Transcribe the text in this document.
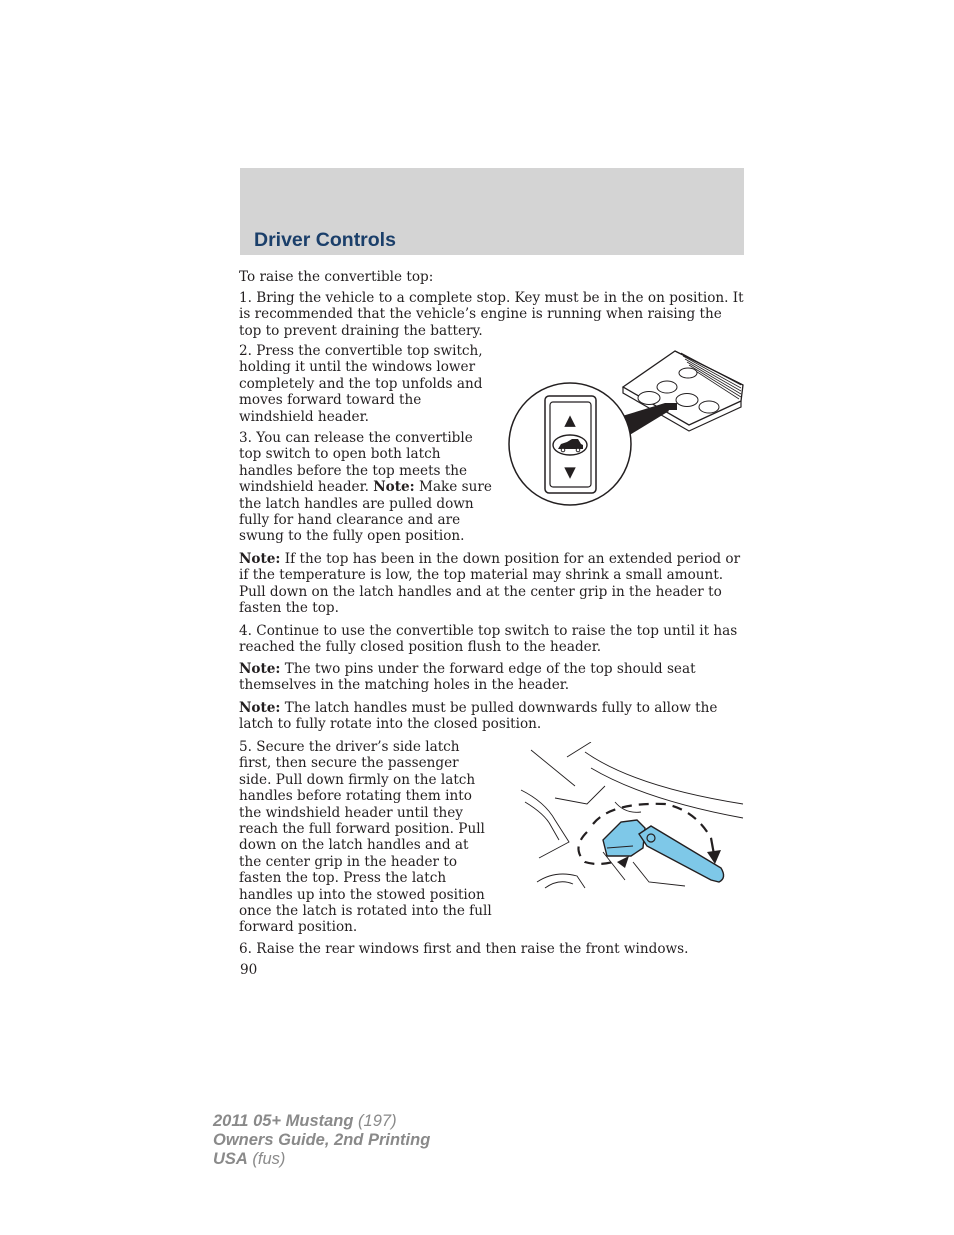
Driver Controls

To raise the convertible top:

1. Bring the vehicle to a complete stop. Key must be in the on position. It is recommended that the vehicle’s engine is running when raising the top to prevent draining the battery.

2. Press the convertible top switch, holding it until the windows lower completely and the top unfolds and moves forward toward the windshield header.

3. You can release the convertible top switch to open both latch handles before the top meets the windshield header. Note: Make sure the latch handles are pulled down fully for hand clearance and are swung to the fully open position.

Note: If the top has been in the down position for an extended period or if the temperature is low, the top material may shrink a small amount. Pull down on the latch handles and at the center grip in the header to fasten the top.

4. Continue to use the convertible top switch to raise the top until it has reached the fully closed position flush to the header.

Note: The two pins under the forward edge of the top should seat themselves in the matching holes in the header.

Note: The latch handles must be pulled downwards fully to allow the latch to fully rotate into the closed position.

5. Secure the driver’s side latch first, then secure the passenger side. Pull down firmly on the latch handles before rotating them into the windshield header until they reach the full forward position. Pull down on the latch handles and at the center grip in the header to fasten the top. Press the latch handles up into the stowed position once the latch is rotated into the full forward position.

6. Raise the rear windows first and then raise the front windows.

90
2011 05+ Mustang (197)
Owners Guide, 2nd Printing
USA (fus)
▲
▼
